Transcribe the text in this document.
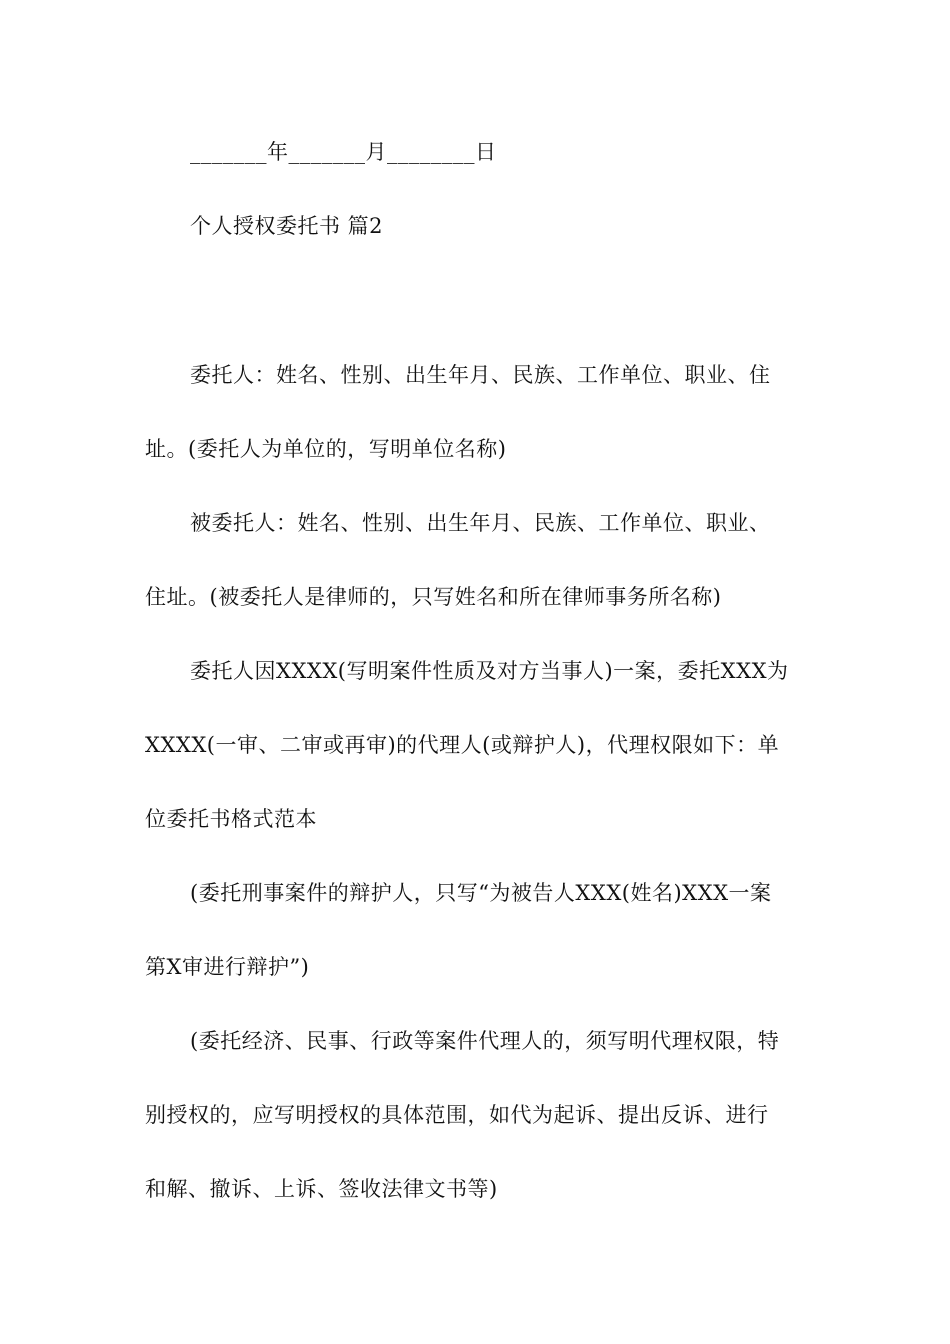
_______年_______月________日
个人授权委托书 篇2
委托人：姓名、性别、出生年月、民族、工作单位、职业、住
址。(委托人为单位的，写明单位名称)
被委托人：姓名、性别、出生年月、民族、工作单位、职业、
住址。(被委托人是律师的，只写姓名和所在律师事务所名称)
委托人因XXXX(写明案件性质及对方当事人)一案，委托XXX为
XXXX(一审、二审或再审)的代理人(或辩护人)，代理权限如下：单
位委托书格式范本
(委托刑事案件的辩护人，只写“为被告人XXX(姓名)XXX一案
第X审进行辩护”)
(委托经济、民事、行政等案件代理人的，须写明代理权限，特
别授权的，应写明授权的具体范围，如代为起诉、提出反诉、进行
和解、撤诉、上诉、签收法律文书等)
